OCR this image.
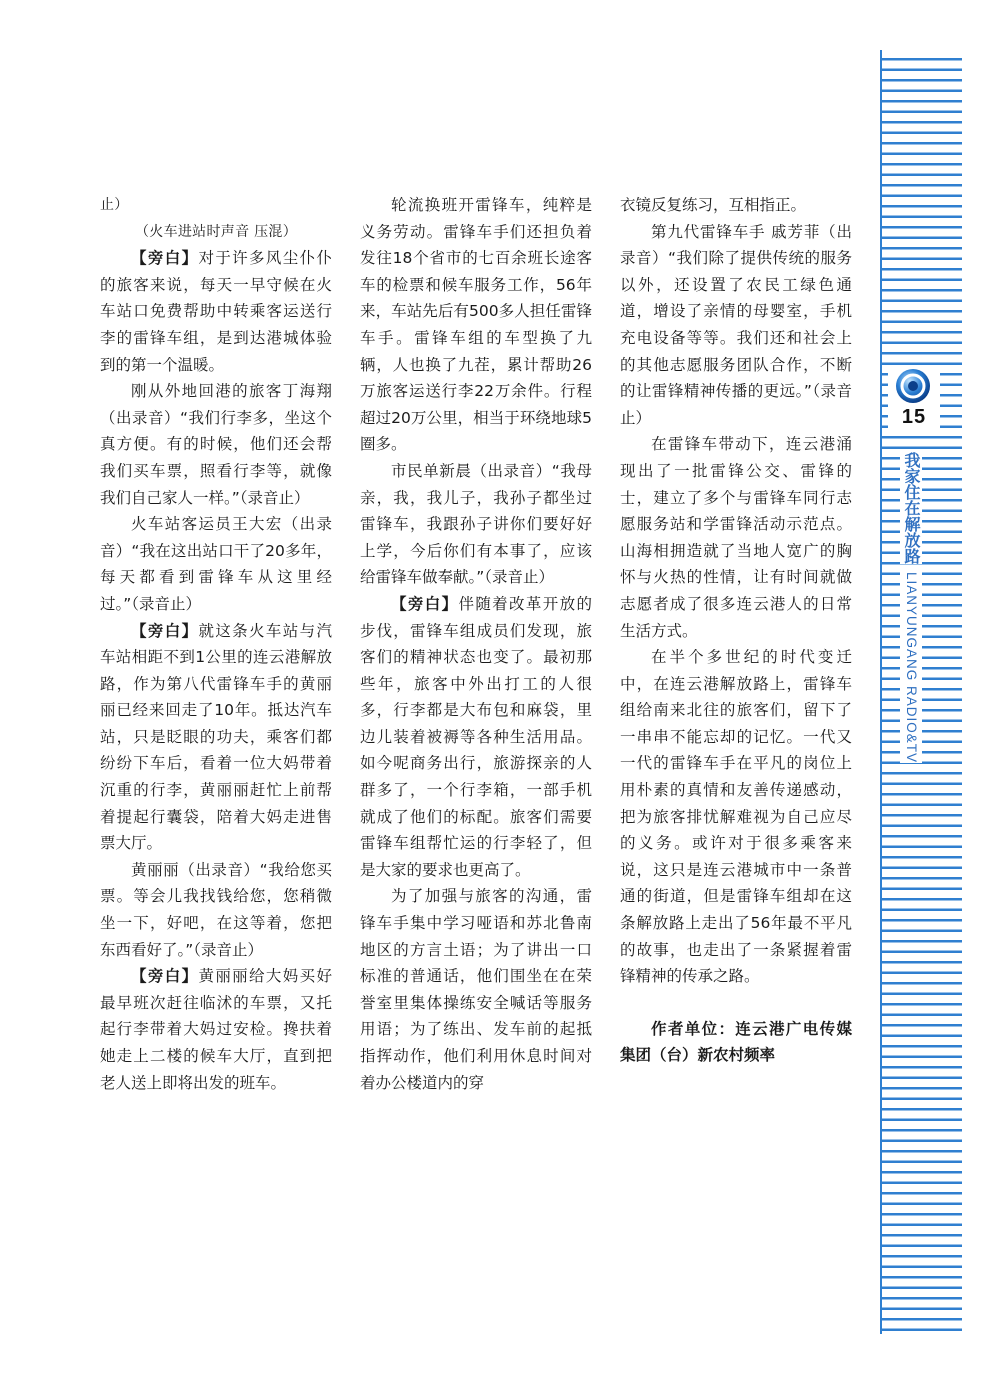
15
我家住在解放路
LIANYUNGANG RADIO&TV

止）

（火车进站时声音 压混）

【旁白】对于许多风尘仆仆的旅客来说，每天一早守候在火车站口免费帮助中转乘客运送行李的雷锋车组，是到达港城体验到的第一个温暖。

刚从外地回港的旅客丁海翔（出录音）“我们行李多，坐这个真方便。有的时候，他们还会帮我们买车票，照看行李等，就像我们自己家人一样。”（录音止）

火车站客运员王大宏（出录音）“我在这出站口干了20多年，每天都看到雷锋车从这里经过。”（录音止）

【旁白】就这条火车站与汽车站相距不到1公里的连云港解放路，作为第八代雷锋车手的黄丽丽已经来回走了10年。抵达汽车站，只是眨眼的功夫，乘客们都纷纷下车后，看着一位大妈带着沉重的行李，黄丽丽赶忙上前帮着提起行囊袋，陪着大妈走进售票大厅。

黄丽丽（出录音）“我给您买票。等会儿我找钱给您，您稍微坐一下，好吧，在这等着，您把东西看好了。”（录音止）

【旁白】黄丽丽给大妈买好最早班次赶往临沭的车票，又托起行李带着大妈过安检。搀扶着她走上二楼的候车大厅，直到把老人送上即将出发的班车。

轮流换班开雷锋车，纯粹是义务劳动。雷锋车手们还担负着发往18个省市的七百余班长途客车的检票和候车服务工作，56年来，车站先后有500多人担任雷锋车手。雷锋车组的车型换了九辆，人也换了九茬，累计帮助26万旅客运送行李22万余件。行程超过20万公里，相当于环绕地球5圈多。

市民单新晨（出录音）“我母亲，我，我儿子，我孙子都坐过雷锋车，我跟孙子讲你们要好好上学，今后你们有本事了，应该给雷锋车做奉献。”（录音止）

【旁白】伴随着改革开放的步伐，雷锋车组成员们发现，旅客们的精神状态也变了。最初那些年，旅客中外出打工的人很多，行李都是大布包和麻袋，里边儿装着被褥等各种生活用品。如今呢商务出行，旅游探亲的人群多了，一个行李箱，一部手机就成了他们的标配。旅客们需要雷锋车组帮忙运的行李轻了，但是大家的要求也更高了。

为了加强与旅客的沟通，雷锋车手集中学习哑语和苏北鲁南地区的方言土语；为了讲出一口标准的普通话，他们围坐在在荣誉室里集体操练安全喊话等服务用语；为了练出、发车前的起抵指挥动作，他们利用休息时间对着办公楼道内的穿

衣镜反复练习，互相指正。

第九代雷锋车手 戚芳菲（出录音）“我们除了提供传统的服务以外，还设置了农民工绿色通道，增设了亲情的母婴室，手机充电设备等等。我们还和社会上的其他志愿服务团队合作，不断的让雷锋精神传播的更远。”（录音止）

在雷锋车带动下，连云港涌现出了一批雷锋公交、雷锋的士，建立了多个与雷锋车同行志愿服务站和学雷锋活动示范点。山海相拥造就了当地人宽广的胸怀与火热的性情，让有时间就做志愿者成了很多连云港人的日常生活方式。

在半个多世纪的时代变迁中，在连云港解放路上，雷锋车组给南来北往的旅客们，留下了一串串不能忘却的记忆。一代又一代的雷锋车手在平凡的岗位上用朴素的真情和友善传递感动，把为旅客排忧解难视为自己应尽的义务。或许对于很多乘客来说，这只是连云港城市中一条普通的街道，但是雷锋车组却在这条解放路上走出了56年最不平凡的故事，也走出了一条紧握着雷锋精神的传承之路。

作者单位：连云港广电传媒集团（台）新农村频率
